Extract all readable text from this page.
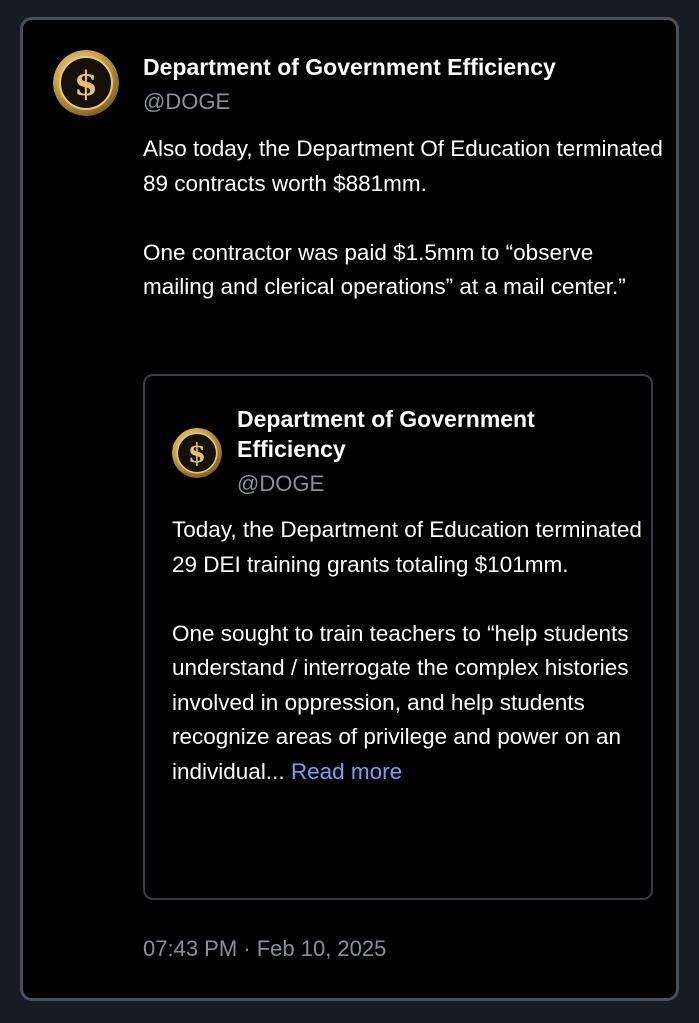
$ Department of Government Efficiency
@DOGE

Also today, the Department Of Education terminated 89 contracts worth $881mm.

One contractor was paid $1.5mm to “observe mailing and clerical operations” at a mail center.”

$
Department of Government Efficiency
@DOGE

Today, the Department of Education terminated 29 DEI training grants totaling $101mm.

One sought to train teachers to “help students understand / interrogate the complex histories involved in oppression, and help students recognize areas of privilege and power on an individual... Read more

07:43 PM · Feb 10, 2025
